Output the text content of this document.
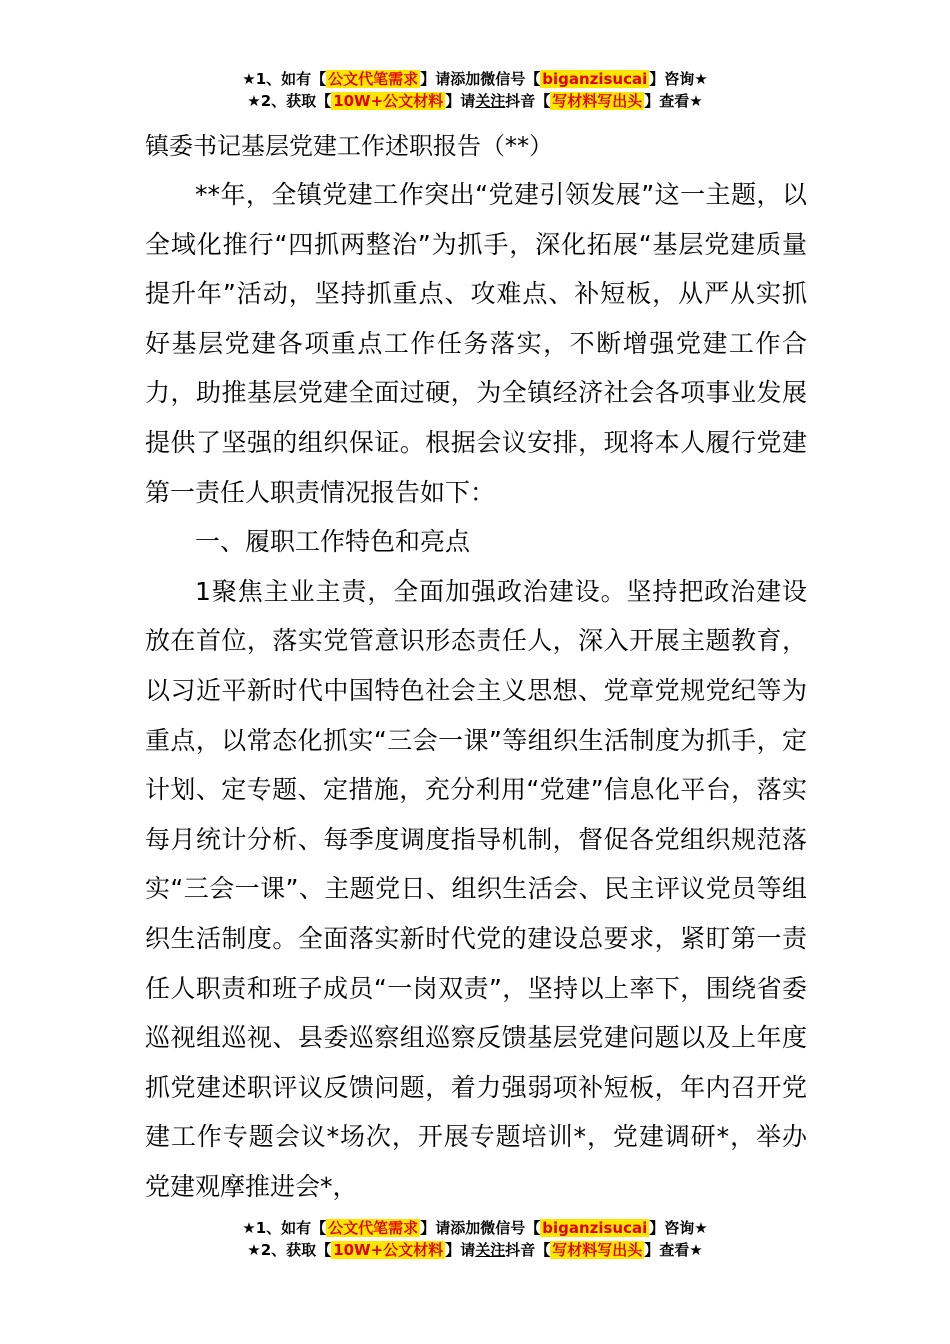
★1、如有【 公文代笔需求 】请添加微信号【 biganzisucai 】咨询★
★2、获取【 10W+公文材料 】请关注抖音【 写材料写出头 】查看★
镇委书记基层党建工作述职报告（**）

**年，全镇党建工作突出“党建引领发展”这一主题，以全域化推行“四抓两整治”为抓手，深化拓展“基层党建质量提升年”活动，坚持抓重点、攻难点、补短板，从严从实抓好基层党建各项重点工作任务落实，不断增强党建工作合力，助推基层党建全面过硬，为全镇经济社会各项事业发展提供了坚强的组织保证。根据会议安排，现将本人履行党建第一责任人职责情况报告如下：

一、履职工作特色和亮点

1聚焦主业主责，全面加强政治建设。坚持把政治建设放在首位，落实党管意识形态责任人，深入开展主题教育，以习近平新时代中国特色社会主义思想、党章党规党纪等为重点，以常态化抓实“三会一课”等组织生活制度为抓手，定计划、定专题、定措施，充分利用“党建”信息化平台，落实每月统计分析、每季度调度指导机制，督促各党组织规范落实“三会一课”、主题党日、组织生活会、民主评议党员等组织生活制度。全面落实新时代党的建设总要求，紧盯第一责任人职责和班子成员“一岗双责”，坚持以上率下，围绕省委巡视组巡视、县委巡察组巡察反馈基层党建问题以及上年度抓党建述职评议反馈问题，着力强弱项补短板，年内召开党建工作专题会议*场次，开展专题培训*，党建调研*，举办党建观摩推进会*，

★1、如有【 公文代笔需求 】请添加微信号【 biganzisucai 】咨询★
★2、获取【 10W+公文材料 】请关注抖音【 写材料写出头 】查看★
